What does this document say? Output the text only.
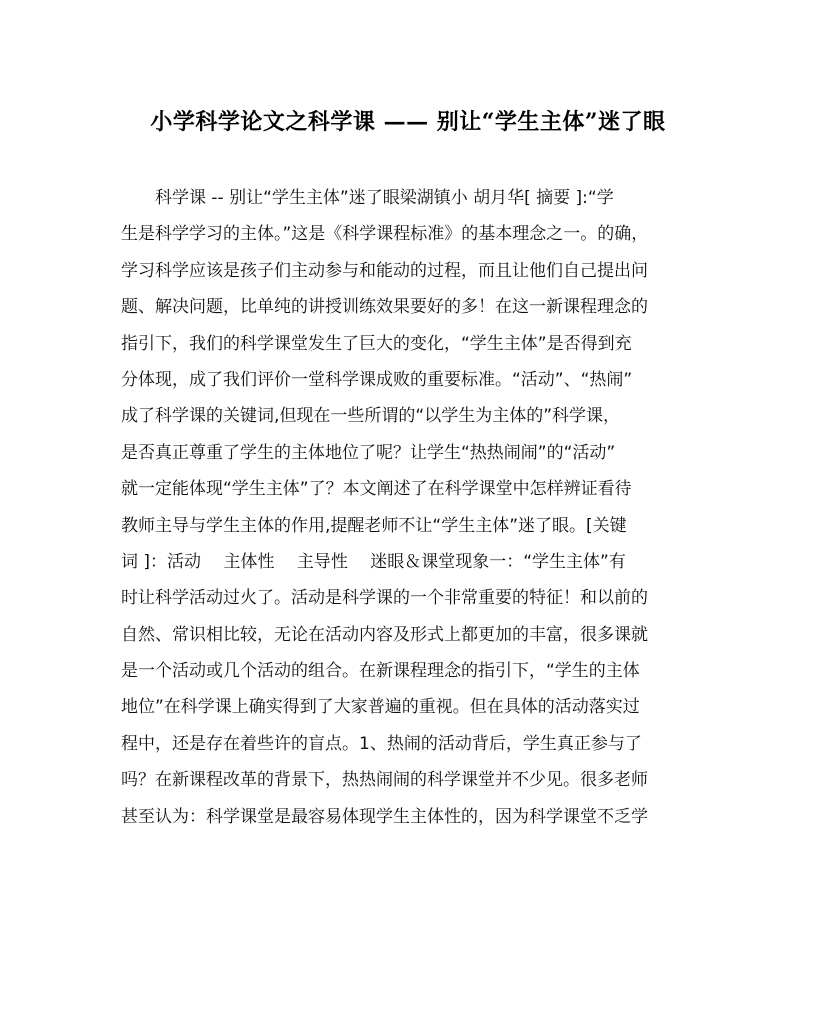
小学科学论文之科学课 —— 别让“学生主体”迷了眼
科学课 -- 别让“学生主体”迷了眼梁湖镇小 胡月华[ 摘要 ]:“学
生是科学学习的主体。”这是《科学课程标准》的基本理念之一。的确，
学习科学应该是孩子们主动参与和能动的过程，而且让他们自己提出问
题、解决问题，比单纯的讲授训练效果要好的多！在这一新课程理念的
指引下，我们的科学课堂发生了巨大的变化，“学生主体”是否得到充
分体现，成了我们评价一堂科学课成败的重要标准。“活动”、“热闹”
成了科学课的关键词,但现在一些所谓的“以学生为主体的”科学课，
是否真正尊重了学生的主体地位了呢？让学生“热热闹闹”的“活动”
就一定能体现“学生主体”了？本文阐述了在科学课堂中怎样辨证看待
教师主导与学生主体的作用,提醒老师不让“学生主体”迷了眼。[关键
词 ]：活动　 主体性　 主导性　 迷眼＆课堂现象一：“学生主体”有
时让科学活动过火了。活动是科学课的一个非常重要的特征！和以前的
自然、常识相比较，无论在活动内容及形式上都更加的丰富，很多课就
是一个活动或几个活动的组合。在新课程理念的指引下，“学生的主体
地位”在科学课上确实得到了大家普遍的重视。但在具体的活动落实过
程中，还是存在着些许的盲点。1、热闹的活动背后，学生真正参与了
吗？在新课程改革的背景下，热热闹闹的科学课堂并不少见。很多老师
甚至认为：科学课堂是最容易体现学生主体性的，因为科学课堂不乏学
